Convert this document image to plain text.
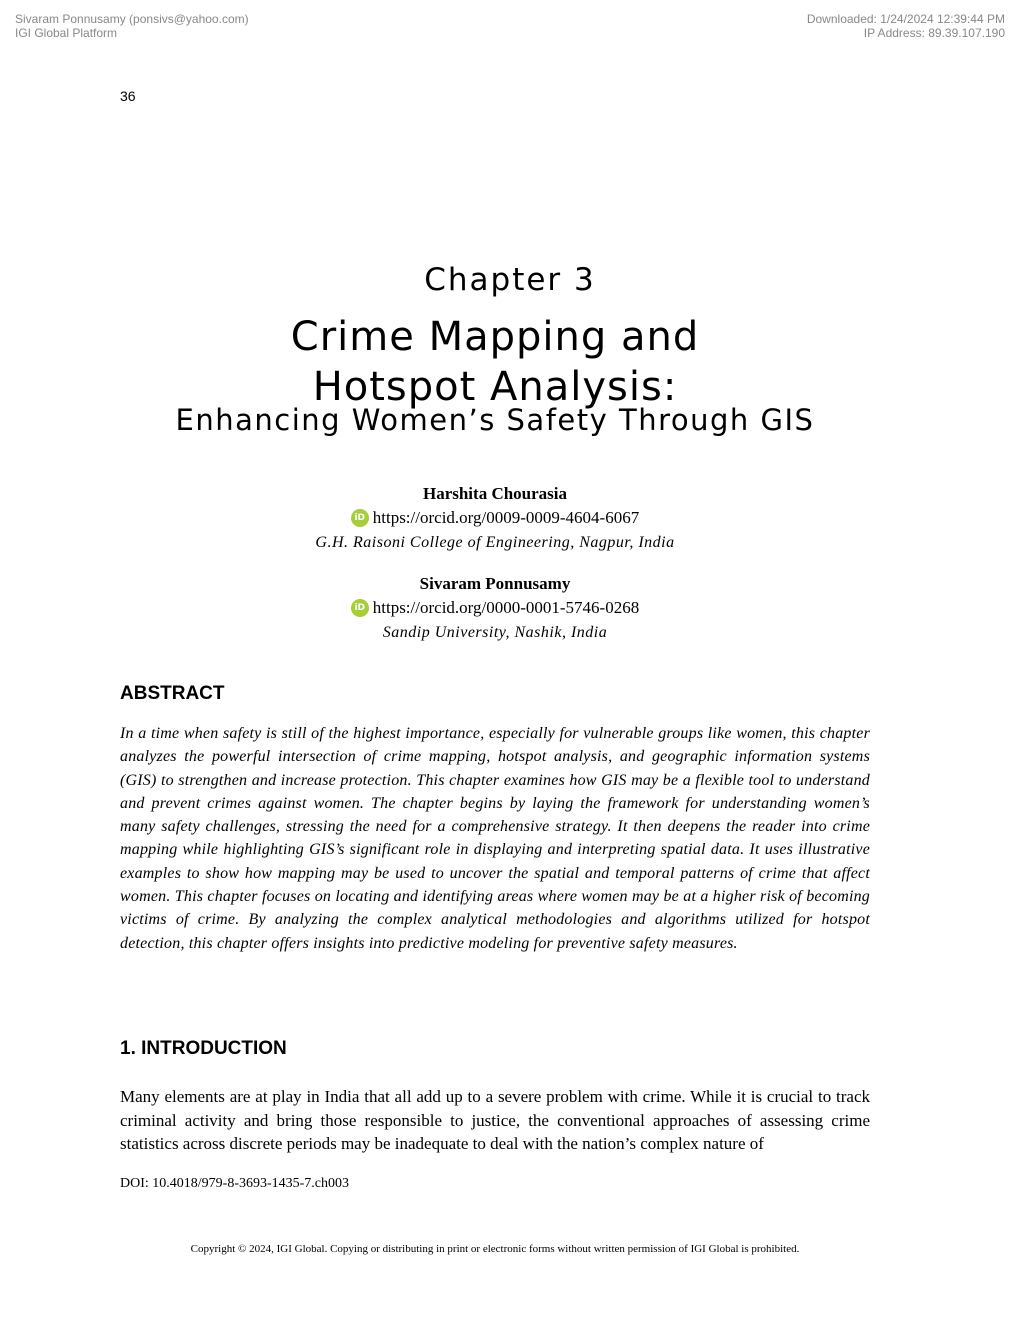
Sivaram Ponnusamy (ponsivs@yahoo.com)
IGI Global Platform
Downloaded: 1/24/2024 12:39:44 PM
IP Address: 89.39.107.190
36
Chapter 3
Crime Mapping and
Hotspot Analysis:
Enhancing Women’s Safety Through GIS
Harshita Chourasia
iD https://orcid.org/0009-0009-4604-6067
G.H. Raisoni College of Engineering, Nagpur, India
Sivaram Ponnusamy
iD https://orcid.org/0000-0001-5746-0268
Sandip University, Nashik, India
ABSTRACT
In a time when safety is still of the highest importance, especially for vulnerable groups like women, this chapter analyzes the powerful intersection of crime mapping, hotspot analysis, and geographic information systems (GIS) to strengthen and increase protection. This chapter examines how GIS may be a flexible tool to understand and prevent crimes against women. The chapter begins by laying the framework for understanding women’s many safety challenges, stressing the need for a comprehensive strategy. It then deepens the reader into crime mapping while highlighting GIS’s significant role in displaying and interpreting spatial data. It uses illustrative examples to show how mapping may be used to uncover the spatial and temporal patterns of crime that affect women. This chapter focuses on locating and identifying areas where women may be at a higher risk of becoming victims of crime. By analyzing the complex analytical methodologies and algorithms utilized for hotspot detection, this chapter offers insights into predictive modeling for preventive safety measures.
1. INTRODUCTION
Many elements are at play in India that all add up to a severe problem with crime. While it is crucial to track criminal activity and bring those responsible to justice, the conventional approaches of assessing crime statistics across discrete periods may be inadequate to deal with the nation’s complex nature of
DOI: 10.4018/979-8-3693-1435-7.ch003
Copyright © 2024, IGI Global. Copying or distributing in print or electronic forms without written permission of IGI Global is prohibited.
